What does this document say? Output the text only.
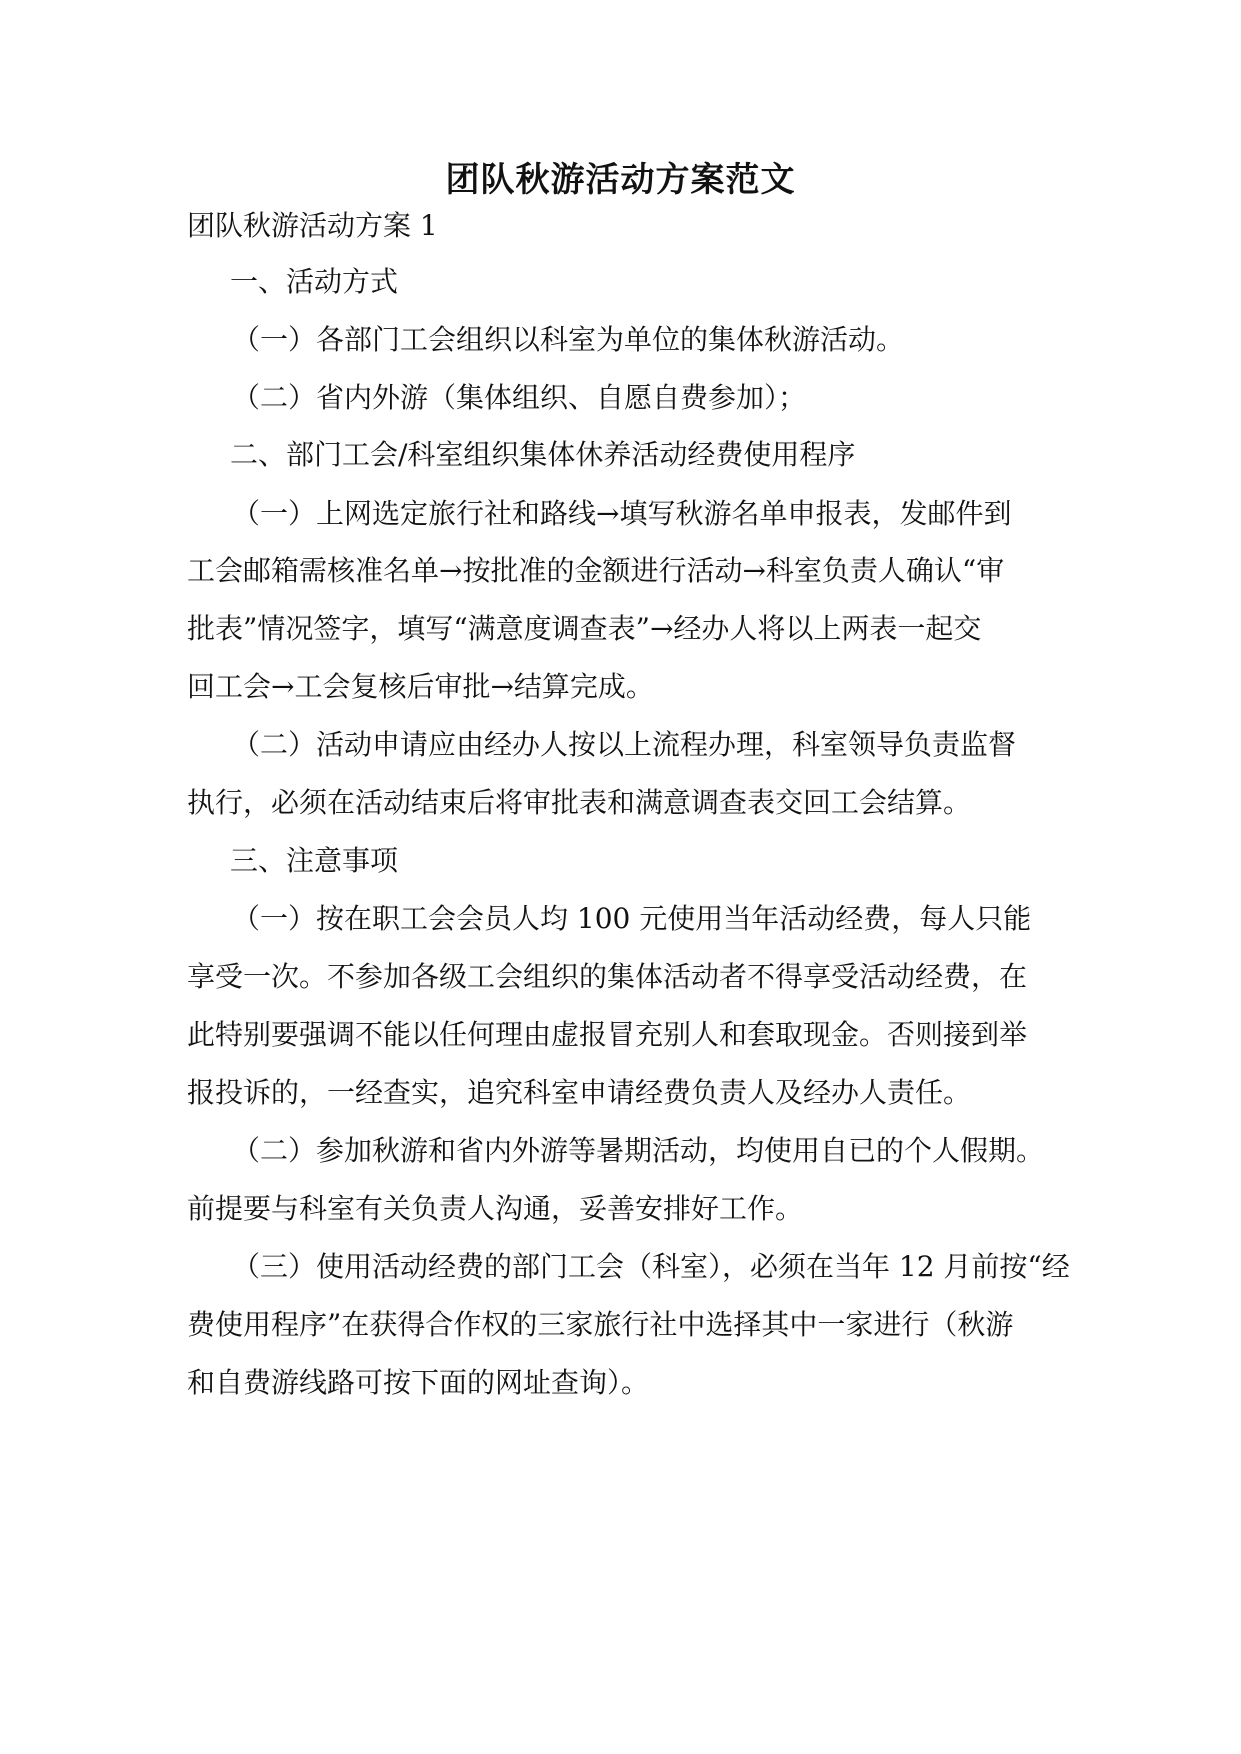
团队秋游活动方案范文
团队秋游活动方案 1
一、活动方式
（一）各部门工会组织以科室为单位的集体秋游活动。
（二）省内外游（集体组织、自愿自费参加）；
二、部门工会/科室组织集体休养活动经费使用程序
（一）上网选定旅行社和路线→填写秋游名单申报表，发邮件到
工会邮箱需核准名单→按批准的金额进行活动→科室负责人确认“审
批表”情况签字，填写“满意度调查表”→经办人将以上两表一起交
回工会→工会复核后审批→结算完成。
（二）活动申请应由经办人按以上流程办理，科室领导负责监督
执行，必须在活动结束后将审批表和满意调查表交回工会结算。
三、注意事项
（一）按在职工会会员人均 100 元使用当年活动经费，每人只能
享受一次。不参加各级工会组织的集体活动者不得享受活动经费，在
此特别要强调不能以任何理由虚报冒充别人和套取现金。否则接到举
报投诉的，一经查实，追究科室申请经费负责人及经办人责任。
（二）参加秋游和省内外游等暑期活动，均使用自已的个人假期。
前提要与科室有关负责人沟通，妥善安排好工作。
（三）使用活动经费的部门工会（科室），必须在当年 12 月前按“经
费使用程序”在获得合作权的三家旅行社中选择其中一家进行（秋游
和自费游线路可按下面的网址查询）。
